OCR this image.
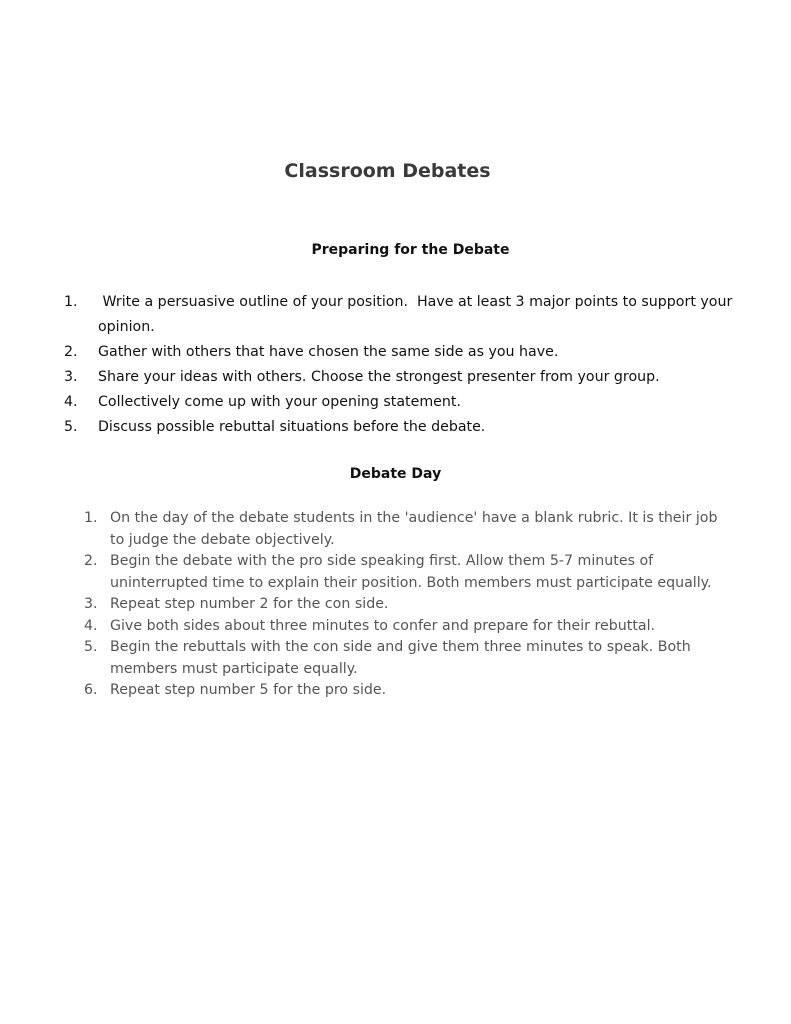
Classroom Debates
Preparing for the Debate
1.	Write a persuasive outline of your position.  Have at least 3 major points to support your opinion.
2.	Gather with others that have chosen the same side as you have.
3.	Share your ideas with others. Choose the strongest presenter from your group.
4.	Collectively come up with your opening statement.
5.	Discuss possible rebuttal situations before the debate.
Debate Day
1. On the day of the debate students in the 'audience' have a blank rubric. It is their job to judge the debate objectively.
2. Begin the debate with the pro side speaking first. Allow them 5-7 minutes of uninterrupted time to explain their position. Both members must participate equally.
3. Repeat step number 2 for the con side.
4. Give both sides about three minutes to confer and prepare for their rebuttal.
5. Begin the rebuttals with the con side and give them three minutes to speak. Both members must participate equally.
6. Repeat step number 5 for the pro side.
